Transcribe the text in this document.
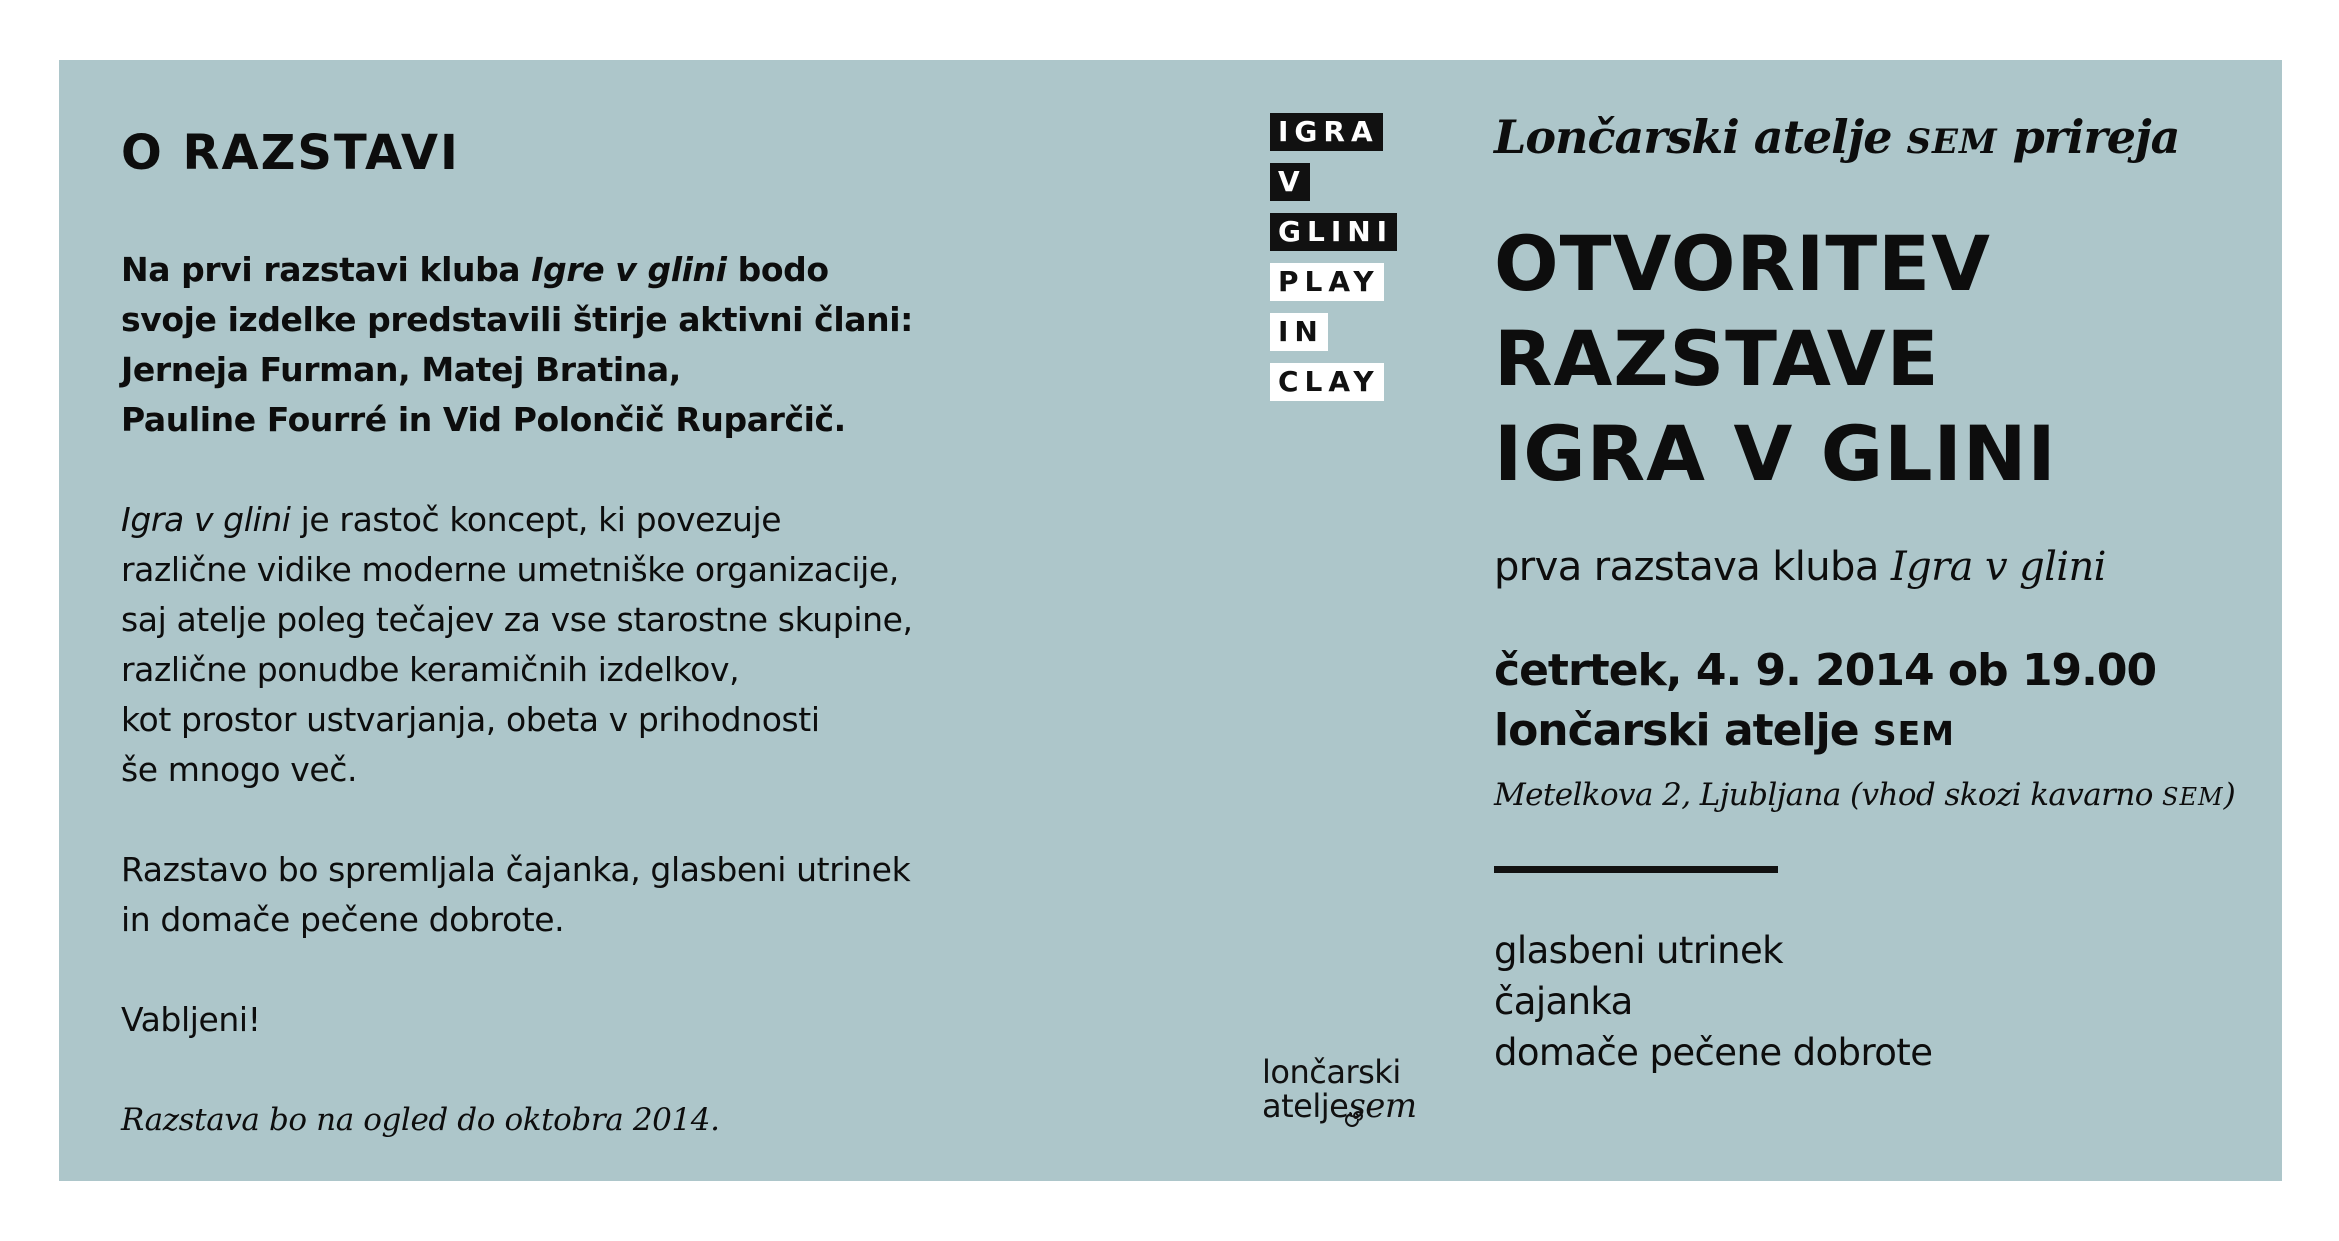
O RAZSTAVI
Na prvi razstavi kluba Igre v glini bodo
svoje izdelke predstavili štirje aktivni člani:
Jerneja Furman, Matej Bratina,
Pauline Fourré in Vid Polončič Ruparčič.
Igra v glini je rastoč koncept, ki povezuje
različne vidike moderne umetniške organizacije,
saj atelje poleg tečajev za vse starostne skupine,
različne ponudbe keramičnih izdelkov,
kot prostor ustvarjanja, obeta v prihodnosti
še mnogo več.
Razstavo bo spremljala čajanka, glasbeni utrinek
in domače pečene dobrote.
Vabljeni!
Razstava bo na ogled do oktobra 2014.
IGRA
V
GLINI
PLAY
IN
CLAY
lončarski
ateljesem
Lončarski atelje SEM prireja
OTVORITEV
RAZSTAVE
IGRA V GLINI
prva razstava kluba Igra v glini
četrtek, 4. 9. 2014 ob 19.00
lončarski atelje SEM
Metelkova 2, Ljubljana (vhod skozi kavarno SEM)
glasbeni utrinek
čajanka
domače pečene dobrote
